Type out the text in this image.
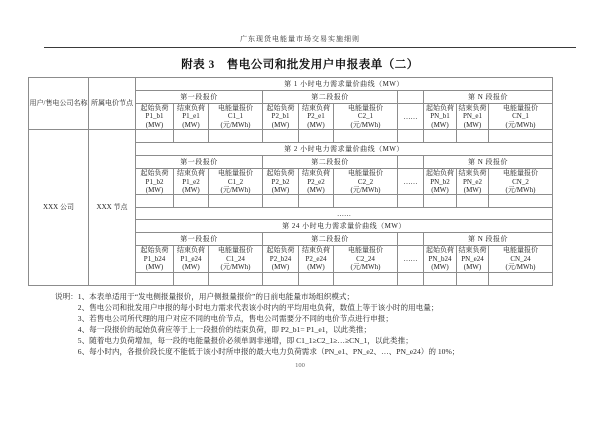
广东现货电能量市场交易实施细则
附表 3　售电公司和批发用户申报表单（二）
用户/售电公司名称	所属电价节点	第 1 小时电力需求量价曲线（MW）									
		第一段报价			第二段报价				第 N 段报价		

		起始负荷
P1_b1
(MW)	结束负荷
P1_e1
(MW)	电能量报价
C1_1
(元/MWh)	起始负荷
P2_b1
(MW)	结束负荷
P2_e1
(MW)	电能量报价
C2_1
(元/MWh)	……	起始负荷
PN_b1
(MW)	结束负荷
PN_e1
(MW)	电能量报价
CN_1
(元/MWh)

XXX 公司	XXX 节点										
		第 2 小时电力需求量价曲线（MW）									
		第一段报价			第二段报价				第 N 段报价		

		起始负荷
P1_b2
(MW)	结束负荷
P1_e2
(MW)	电能量报价
C1_2
(元/MWh)	起始负荷
P2_b2
(MW)	结束负荷
P2_e2
(MW)	电能量报价
C2_2
(元/MWh)	……	起始负荷
PN_b2
(MW)	结束负荷
PN_e2
(MW)	电能量报价
CN_2
(元/MWh)

		……									
		第 24 小时电力需求量价曲线（MW）									
		第一段报价			第二段报价				第 N 段报价		

		起始负荷
P1_b24
(MW)	结束负荷
P1_e24
(MW)	电能量报价
C1_24
(元/MWh)	起始负荷
P2_b24
(MW)	结束负荷
P2_e24
(MW)	电能量报价
C2_24
(元/MWh)	……	起始负荷
PN_b24
(MW)	结束负荷
PN_e24
(MW)	电能量报价
CN_24
(元/MWh)

说明： 1、本表单适用于“发电侧报量报价，用户侧报量报价”的日前电能量市场组织模式；
2、售电公司和批发用户申报的每小时电力需求代表该小时内的平均用电负荷，数值上等于该小时的用电量；
3、若售电公司所代理的用户对应不同的电价节点，售电公司需要分不同的电价节点进行申报；
4、每一段报价的起始负荷应等于上一段报价的结束负荷，即 P2_b1= P1_e1，以此类推；
5、随着电力负荷增加，每一段的电能量报价必须单调非递增，即 C1_1≥C2_1≥…≥CN_1，以此类推；
6、每小时内，各报价段长度不能低于该小时所申报的最大电力负荷需求（PN_e1、PN_e2、…、PN_e24）的 10%；
100
